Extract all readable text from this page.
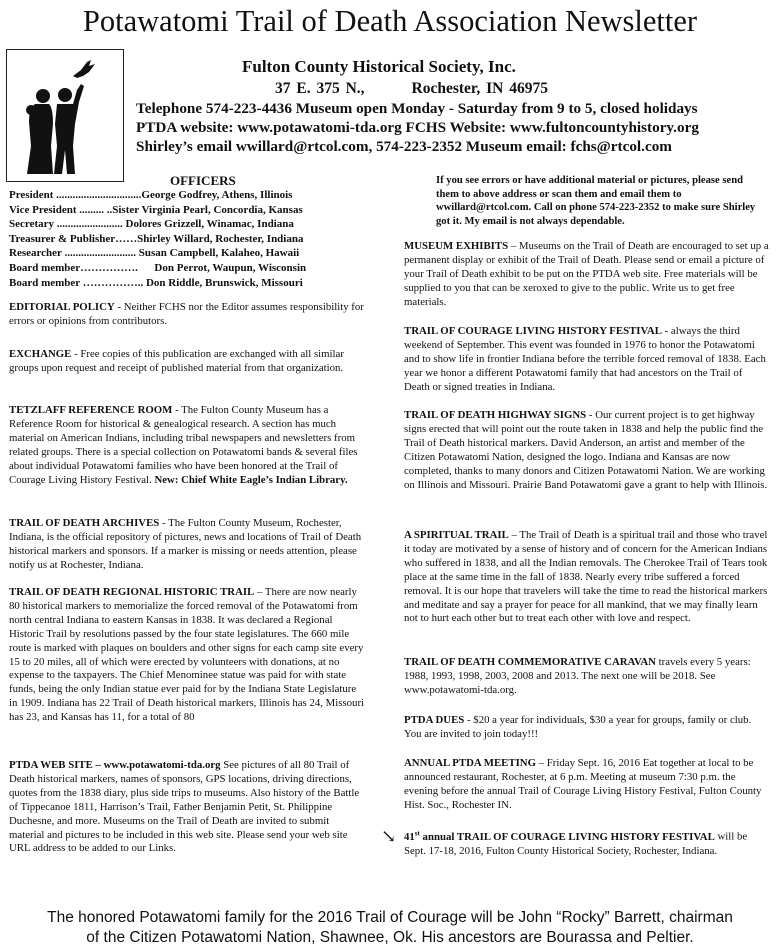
Potawatomi Trail of Death Association Newsletter
Fulton County Historical Society, Inc.
37 E. 375 N.,        Rochester, IN 46975
Telephone 574-223-4436 Museum open Monday - Saturday from 9 to 5, closed holidays
PTDA website: www.potawatomi-tda.org FCHS Website: www.fultoncountyhistory.org
Shirley’s email wwillard@rtcol.com, 574-223-2352 Museum email: fchs@rtcol.com
OFFICERS
President ...............................George Godfrey, Athens, Illinois
Vice President ......... ..Sister Virginia Pearl, Concordia, Kansas
Secretary ........................ Dolores Grizzell, Winamac, Indiana
Treasurer & Publisher……Shirley Willard, Rochester, Indiana
Researcher .......................... Susan Campbell, Kalaheo, Hawaii
Board member…………….      Don Perrot, Waupun, Wisconsin
Board member …………….. Don Riddle, Brunswick, Missouri
EDITORIAL POLICY - Neither FCHS nor the Editor assumes responsibility for errors or opinions from contributors.
EXCHANGE - Free copies of this publication are exchanged with all similar groups upon request and receipt of published material from that organization.
TETZLAFF REFERENCE ROOM - The Fulton County Museum has a Reference Room for historical & genealogical research. A section has much material on American Indians, including tribal newspapers and newsletters from related groups. There is a special collection on Potawatomi bands & several files about individual Potawatomi families who have been honored at the Trail of Courage Living History Festival. New: Chief White Eagle’s Indian Library.
TRAIL OF DEATH ARCHIVES - The Fulton County Museum, Rochester, Indiana, is the official repository of pictures, news and locations of Trail of Death historical markers and sponsors. If a marker is missing or needs attention, please notify us at Rochester, Indiana.
TRAIL OF DEATH REGIONAL HISTORIC TRAIL – There are now nearly 80 historical markers to memorialize the forced removal of the Potawatomi from north central Indiana to eastern Kansas in 1838. It was declared a Regional Historic Trail by resolutions passed by the four state legislatures. The 660 mile route is marked with plaques on boulders and other signs for each camp site every 15 to 20 miles, all of which were erected by volunteers with donations, at no expense to the taxpayers. The Chief Menominee statue was paid for with state funds, being the only Indian statue ever paid for by the Indiana State Legislature in 1909. Indiana has 22 Trail of Death historical markers, Illinois has 24, Missouri has 23, and Kansas has 11, for a total of 80
PTDA WEB SITE – www.potawatomi-tda.org See pictures of all 80 Trail of Death historical markers, names of sponsors, GPS locations, driving directions, quotes from the 1838 diary, plus side trips to museums. Also history of the Battle of Tippecanoe 1811, Harrison’s Trail, Father Benjamin Petit, St. Philippine Duchesne, and more. Museums on the Trail of Death are invited to submit material and pictures to be included in this web site. Please send your web site URL address to be added to our Links.
If you see errors or have additional material or pictures, please send them to above address or scan them and email them to wwillard@rtcol.com. Call on phone 574-223-2352 to make sure Shirley got it. My email is not always dependable.
MUSEUM EXHIBITS – Museums on the Trail of Death are encouraged to set up a permanent display or exhibit of the Trail of Death. Please send or email a picture of your Trail of Death exhibit to be put on the PTDA web site. Free materials will be supplied to you that can be xeroxed to give to the public. Write us to get free materials.
TRAIL OF COURAGE LIVING HISTORY FESTIVAL - always the third weekend of September. This event was founded in 1976 to honor the Potawatomi and to show life in frontier Indiana before the terrible forced removal of 1838. Each year we honor a different Potawatomi family that had ancestors on the Trail of Death or signed treaties in Indiana.
TRAIL OF DEATH HIGHWAY SIGNS - Our current project is to get highway signs erected that will point out the route taken in 1838 and help the public find the Trail of Death historical markers. David Anderson, an artist and member of the Citizen Potawatomi Nation, designed the logo. Indiana and Kansas are now completed, thanks to many donors and Citizen Potawatomi Nation. We are working on Illinois and Missouri. Prairie Band Potawatomi gave a grant to help with Illinois.
A SPIRITUAL TRAIL – The Trail of Death is a spiritual trail and those who travel it today are motivated by a sense of history and of concern for the American Indians who suffered in 1838, and all the Indian removals. The Cherokee Trail of Tears took place at the same time in the fall of 1838. Nearly every tribe suffered a forced removal. It is our hope that travelers will take the time to read the historical markers and meditate and say a prayer for peace for all mankind, that we may finally learn not to hurt each other but to treat each other with love and respect.
TRAIL OF DEATH COMMEMORATIVE CARAVAN travels every 5 years: 1988, 1993, 1998, 2003, 2008 and 2013. The next one will be 2018. See www.potawatomi-tda.org.
PTDA DUES - $20 a year for individuals, $30 a year for groups, family or club. You are invited to join today!!!
ANNUAL PTDA MEETING – Friday Sept. 16, 2016 Eat together at local to be announced restaurant, Rochester, at 6 p.m. Meeting at museum 7:30 p.m. the evening before the annual Trail of Courage Living History Festival, Fulton County Hist. Soc., Rochester IN.
↘ 41st annual TRAIL OF COURAGE LIVING HISTORY FESTIVAL will be Sept. 17-18, 2016, Fulton County Historical Society, Rochester, Indiana.
The honored Potawatomi family for the 2016 Trail of Courage will be John “Rocky” Barrett, chairman
of the Citizen Potawatomi Nation, Shawnee, Ok. His ancestors are Bourassa and Peltier.
